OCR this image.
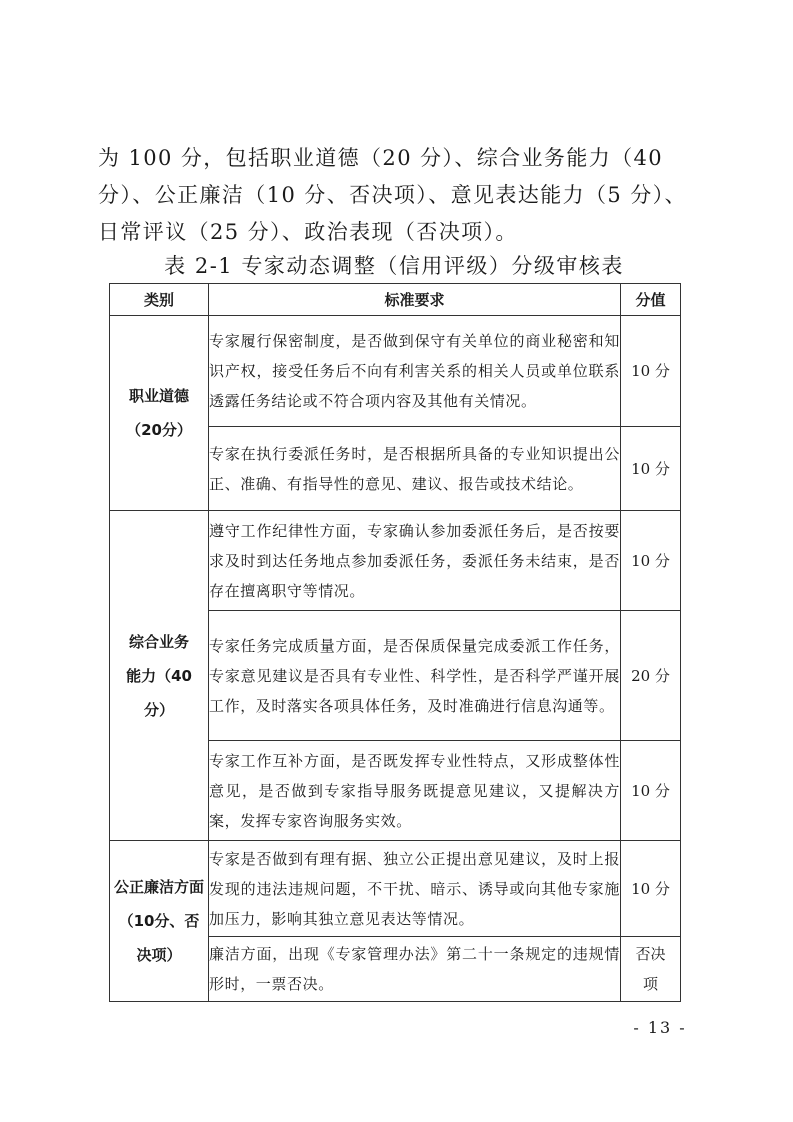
为 100 分，包括职业道德（20 分）、综合业务能力（40 分）、公正廉洁（10 分、否决项）、意见表达能力（5 分）、日常评议（25 分）、政治表现（否决项）。

表 2-1 专家动态调整（信用评级）分级审核表

类别	标准要求	分值
职业道德（20分）	专家履行保密制度，是否做到保守有关单位的商业秘密和知识产权，接受任务后不向有利害关系的相关人员或单位联系透露任务结论或不符合项内容及其他有关情况。	10 分
	专家在执行委派任务时，是否根据所具备的专业知识提出公正、准确、有指导性的意见、建议、报告或技术结论。	10 分
综合业务能力（40分）	遵守工作纪律性方面，专家确认参加委派任务后，是否按要求及时到达任务地点参加委派任务，委派任务未结束，是否存在擅离职守等情况。	10 分
	专家任务完成质量方面，是否保质保量完成委派工作任务，专家意见建议是否具有专业性、科学性，是否科学严谨开展工作，及时落实各项具体任务，及时准确进行信息沟通等。	20 分
	专家工作互补方面，是否既发挥专业性特点，又形成整体性意见，是否做到专家指导服务既提意见建议，又提解决方案，发挥专家咨询服务实效。	10 分
公正廉洁方面（10分、否决项）	专家是否做到有理有据、独立公正提出意见建议，及时上报发现的违法违规问题，不干扰、暗示、诱导或向其他专家施加压力，影响其独立意见表达等情况。	10 分
	廉洁方面，出现《专家管理办法》第二十一条规定的违规情形时，一票否决。	否决项
- 13 -
